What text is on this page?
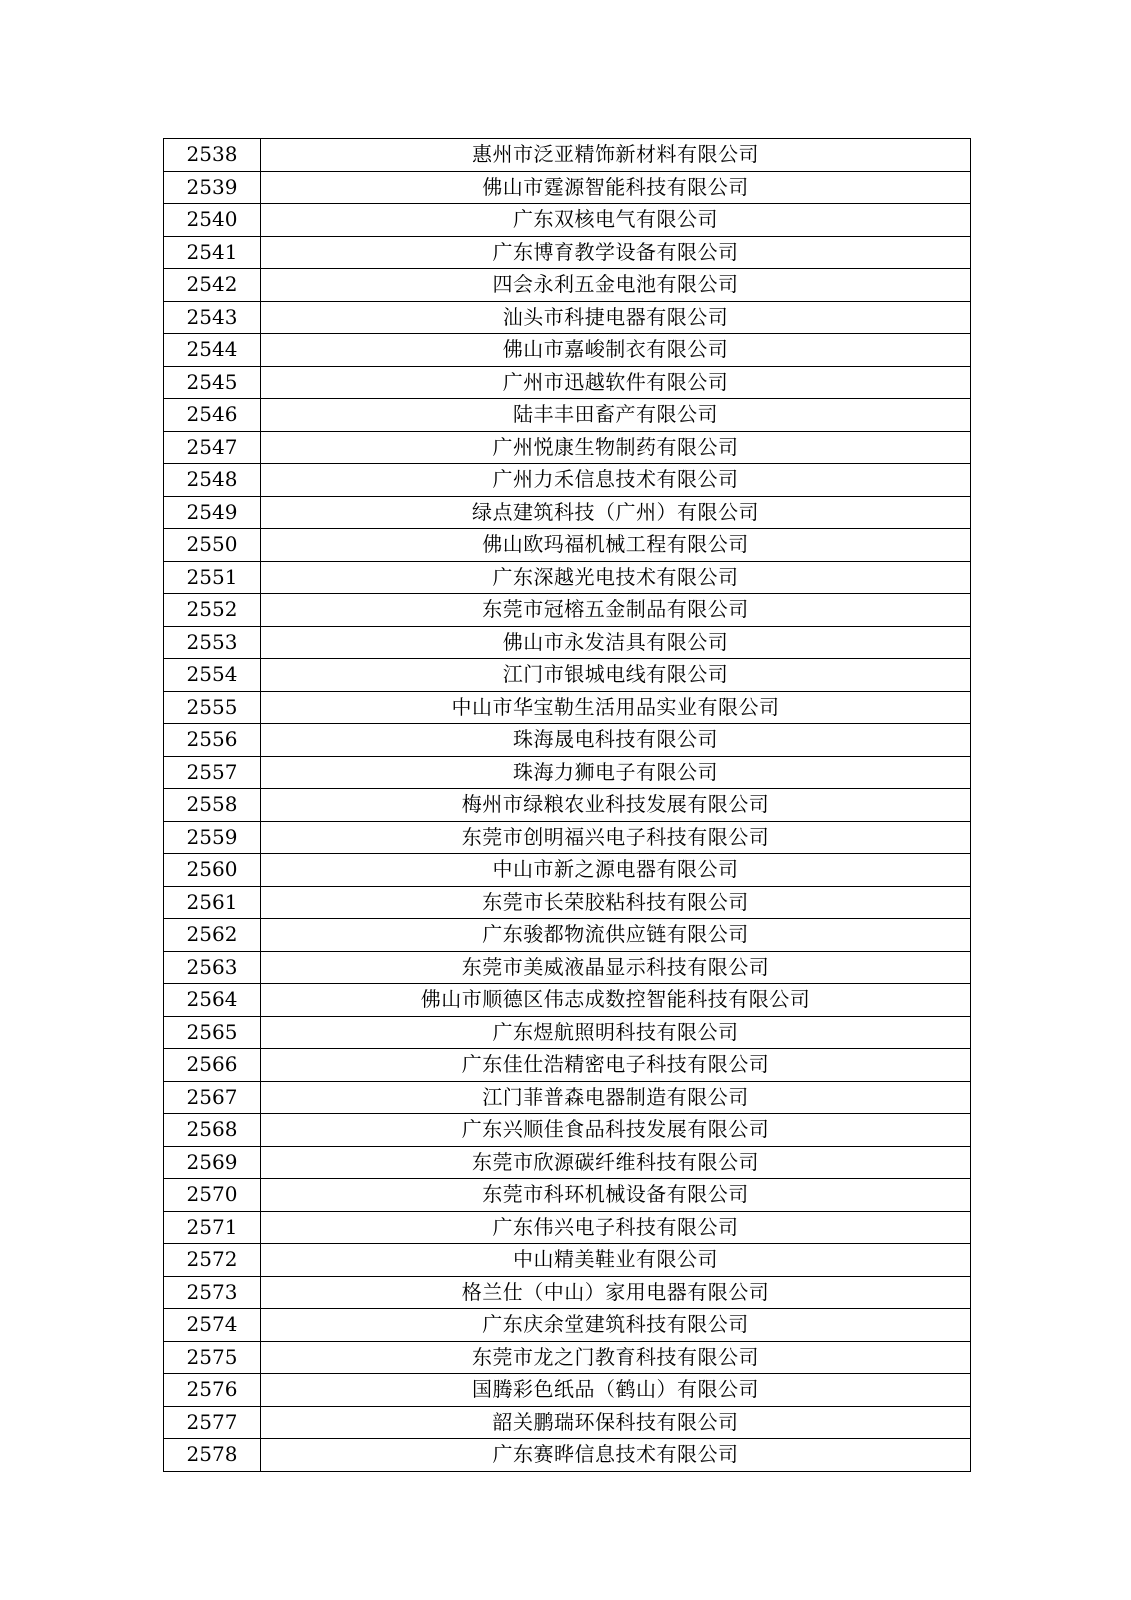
2538	惠州市泛亚精饰新材料有限公司
2539	佛山市霆源智能科技有限公司
2540	广东双核电气有限公司
2541	广东博育教学设备有限公司
2542	四会永利五金电池有限公司
2543	汕头市科捷电器有限公司
2544	佛山市嘉峻制衣有限公司
2545	广州市迅越软件有限公司
2546	陆丰丰田畜产有限公司
2547	广州悦康生物制药有限公司
2548	广州力禾信息技术有限公司
2549	绿点建筑科技（广州）有限公司
2550	佛山欧玛福机械工程有限公司
2551	广东深越光电技术有限公司
2552	东莞市冠榕五金制品有限公司
2553	佛山市永发洁具有限公司
2554	江门市银城电线有限公司
2555	中山市华宝勒生活用品实业有限公司
2556	珠海晟电科技有限公司
2557	珠海力狮电子有限公司
2558	梅州市绿粮农业科技发展有限公司
2559	东莞市创明福兴电子科技有限公司
2560	中山市新之源电器有限公司
2561	东莞市长荣胶粘科技有限公司
2562	广东骏都物流供应链有限公司
2563	东莞市美威液晶显示科技有限公司
2564	佛山市顺德区伟志成数控智能科技有限公司
2565	广东煜航照明科技有限公司
2566	广东佳仕浩精密电子科技有限公司
2567	江门菲普森电器制造有限公司
2568	广东兴顺佳食品科技发展有限公司
2569	东莞市欣源碳纤维科技有限公司
2570	东莞市科环机械设备有限公司
2571	广东伟兴电子科技有限公司
2572	中山精美鞋业有限公司
2573	格兰仕（中山）家用电器有限公司
2574	广东庆余堂建筑科技有限公司
2575	东莞市龙之门教育科技有限公司
2576	国腾彩色纸品（鹤山）有限公司
2577	韶关鹏瑞环保科技有限公司
2578	广东赛晔信息技术有限公司
